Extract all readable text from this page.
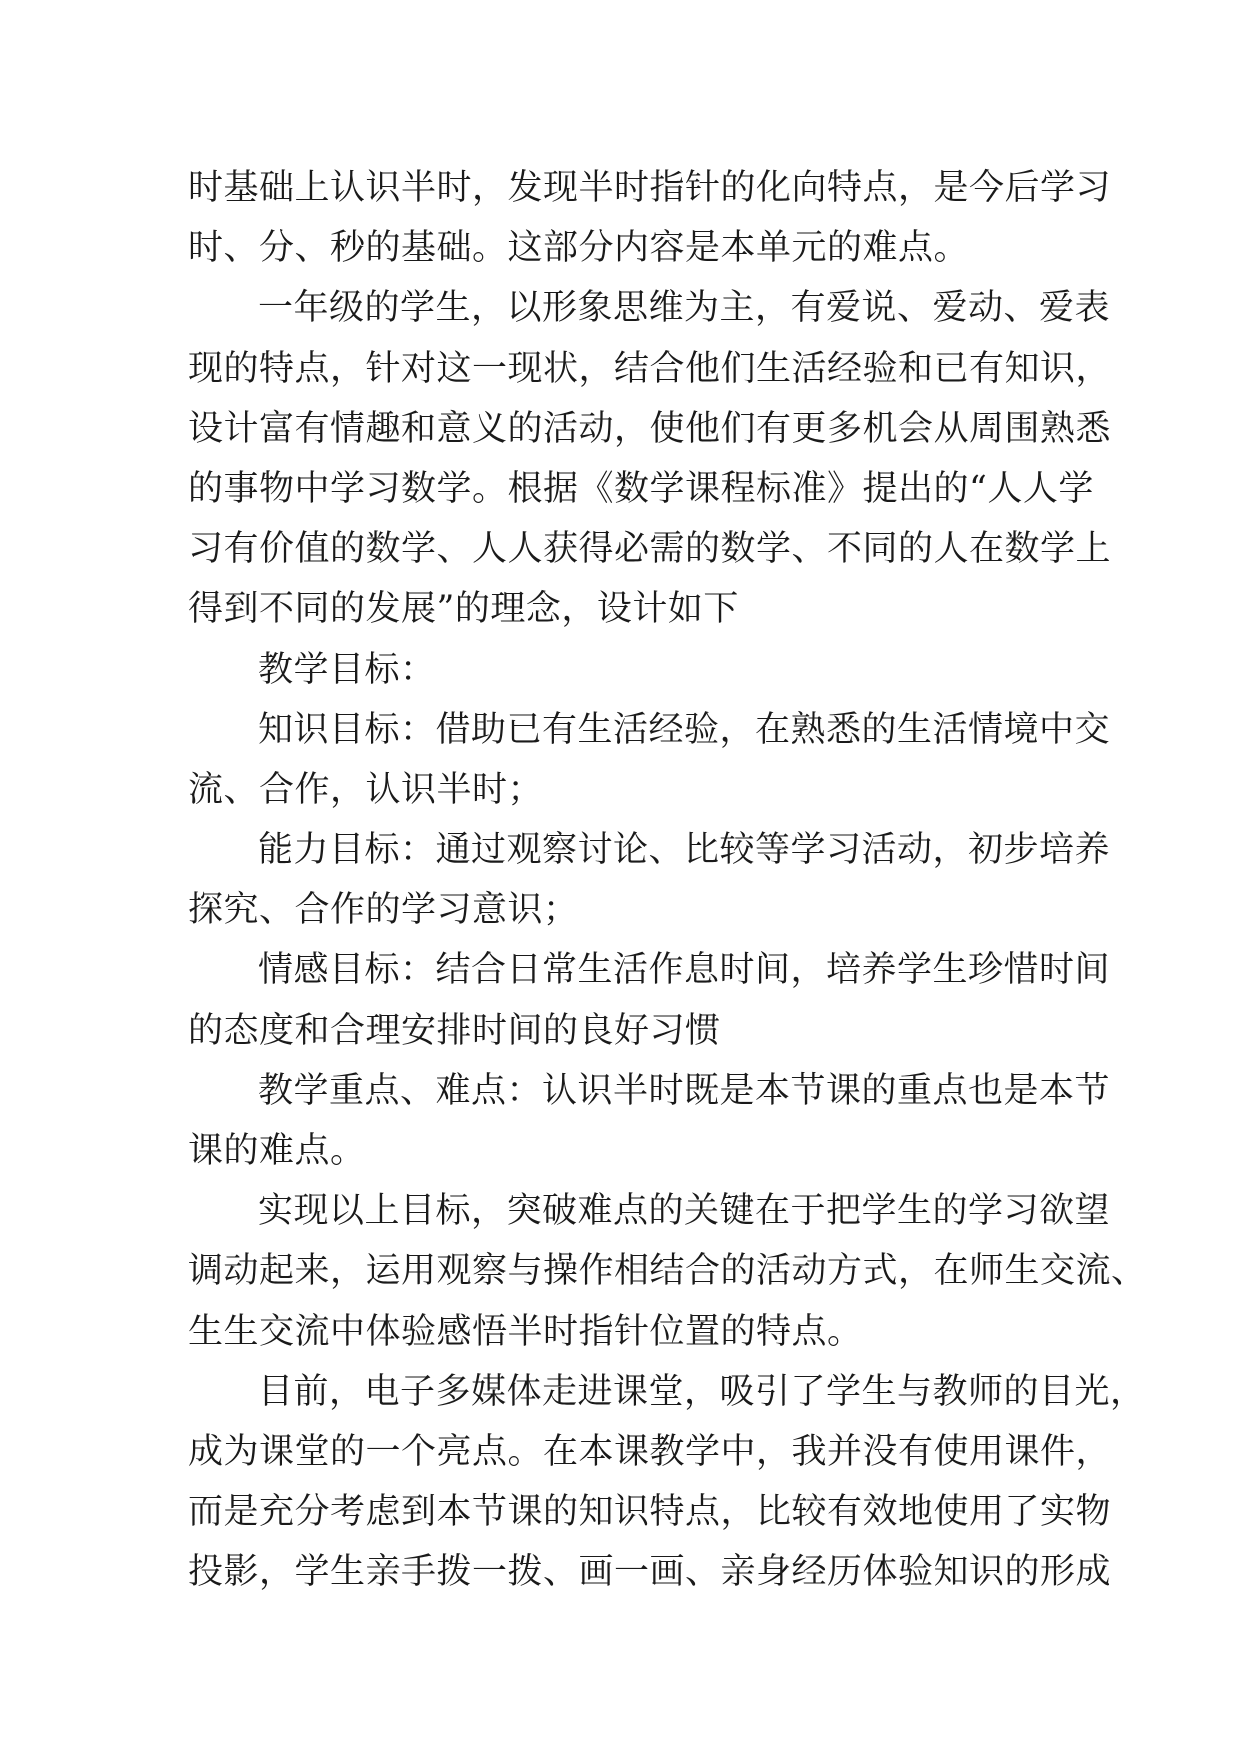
时基础上认识半时，发现半时指针的化向特点，是今后学习
时、分、秒的基础。这部分内容是本单元的难点。
一年级的学生，以形象思维为主，有爱说、爱动、爱表
现的特点，针对这一现状，结合他们生活经验和已有知识，
设计富有情趣和意义的活动，使他们有更多机会从周围熟悉
的事物中学习数学。根据《数学课程标准》提出的“人人学
习有价值的数学、人人获得必需的数学、不同的人在数学上
得到不同的发展”的理念，设计如下
教学目标：
知识目标：借助已有生活经验，在熟悉的生活情境中交
流、合作，认识半时；
能力目标：通过观察讨论、比较等学习活动，初步培养
探究、合作的学习意识；
情感目标：结合日常生活作息时间，培养学生珍惜时间
的态度和合理安排时间的良好习惯
教学重点、难点：认识半时既是本节课的重点也是本节
课的难点。
实现以上目标，突破难点的关键在于把学生的学习欲望
调动起来，运用观察与操作相结合的活动方式，在师生交流、
生生交流中体验感悟半时指针位置的特点。
目前，电子多媒体走进课堂，吸引了学生与教师的目光，
成为课堂的一个亮点。在本课教学中，我并没有使用课件，
而是充分考虑到本节课的知识特点，比较有效地使用了实物
投影，学生亲手拨一拨、画一画、亲身经历体验知识的形成
